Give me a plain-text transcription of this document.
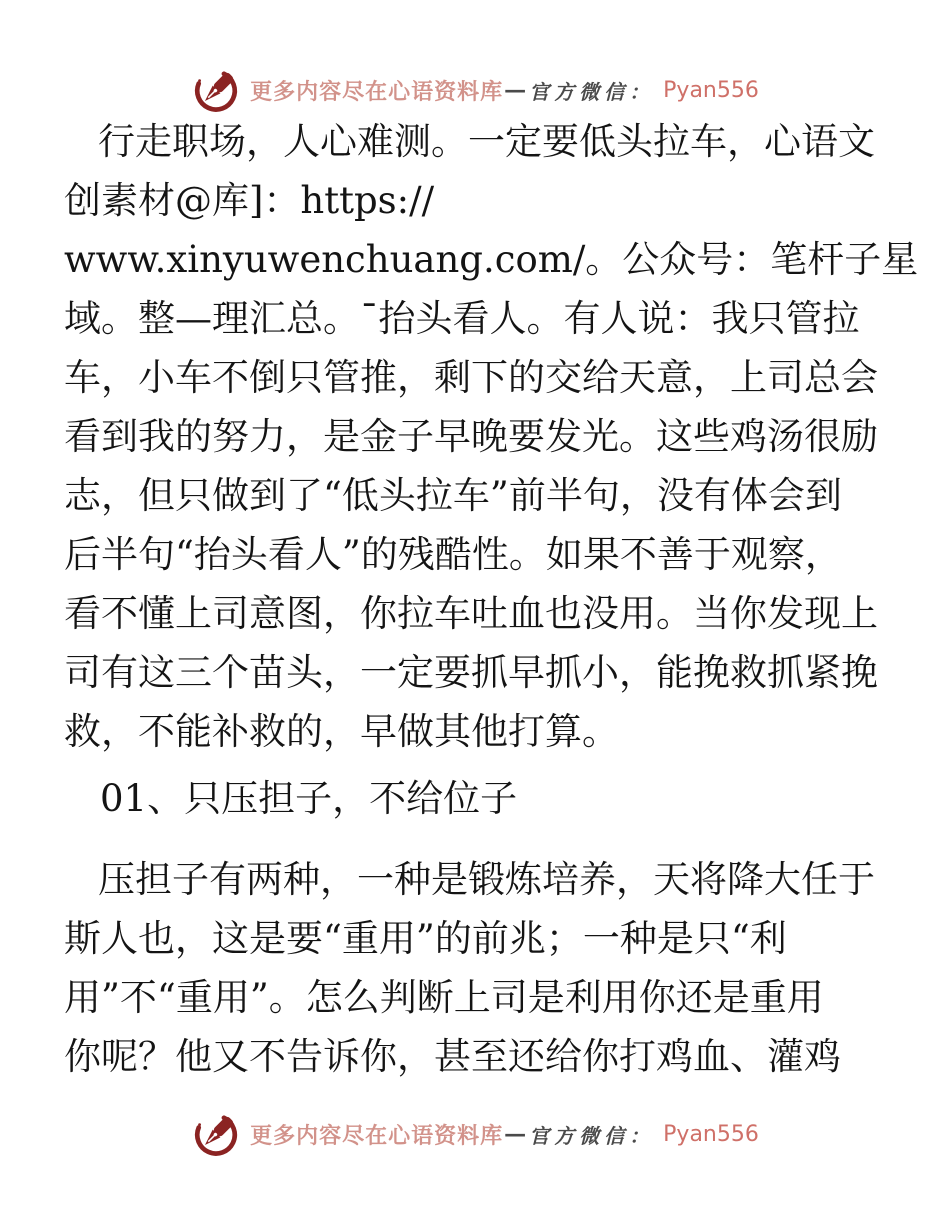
更多内容尽在心语资料库 — 官方微信： Pyan556
行走职场，人心难测。一定要低头拉车，心语文
创素材@库]：https://
www.xinyuwenchuang.com/。公众号：笔杆子星
域。整—理汇总。¯抬头看人。有人说：我只管拉
车，小车不倒只管推，剩下的交给天意，上司总会
看到我的努力，是金子早晚要发光。这些鸡汤很励
志，但只做到了“低头拉车”前半句，没有体会到
后半句“抬头看人”的残酷性。如果不善于观察，
看不懂上司意图，你拉车吐血也没用。当你发现上
司有这三个苗头，一定要抓早抓小，能挽救抓紧挽
救，不能补救的，早做其他打算。
01、只压担子，不给位子
压担子有两种，一种是锻炼培养，天将降大任于
斯人也，这是要“重用”的前兆；一种是只“利
用”不“重用”。怎么判断上司是利用你还是重用
你呢？他又不告诉你，甚至还给你打鸡血、灌鸡
更多内容尽在心语资料库 — 官方微信： Pyan556
